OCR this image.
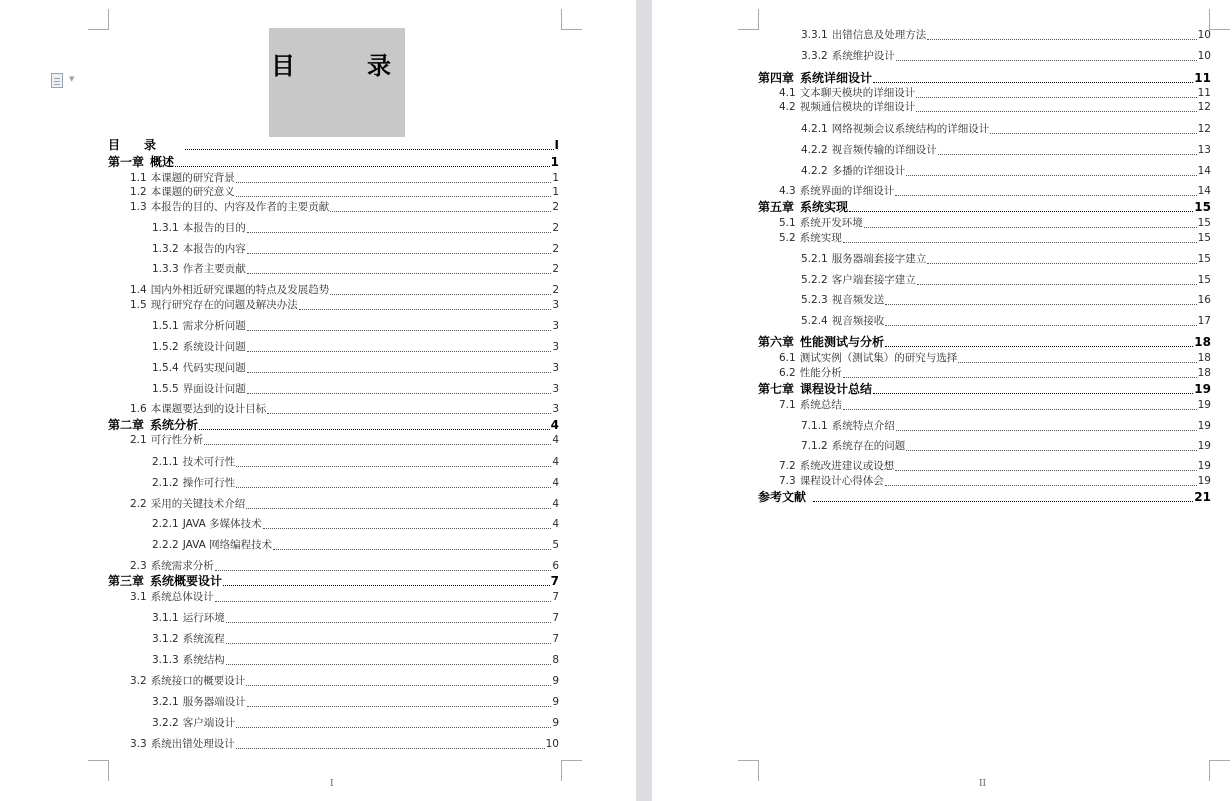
▼	目　　　录
目　　录	I
第一章 概述	1
1.1 本课题的研究背景	1
1.2 本课题的研究意义	1
1.3 本报告的目的、内容及作者的主要贡献	2
1.3.1 本报告的目的	2
1.3.2 本报告的内容	2
1.3.3 作者主要贡献	2
1.4 国内外相近研究课题的特点及发展趋势	2
1.5 现行研究存在的问题及解决办法	3
1.5.1 需求分析问题	3
1.5.2 系统设计问题	3
1.5.4 代码实现问题	3
1.5.5 界面设计问题	3
1.6 本课题要达到的设计目标	3
第二章 系统分析	4
2.1 可行性分析	4
2.1.1 技术可行性	4
2.1.2 操作可行性	4
2.2 采用的关键技术介绍	4
2.2.1 JAVA 多媒体技术	4
2.2.2 JAVA 网络编程技术	5
2.3 系统需求分析	6
第三章 系统概要设计	7
3.1 系统总体设计	7
3.1.1 运行环境	7
3.1.2 系统流程	7
3.1.3 系统结构	8
3.2 系统接口的概要设计	9
3.2.1 服务器端设计	9
3.2.2 客户端设计	9
3.3 系统出错处理设计	10
I
3.3.1 出错信息及处理方法	10
3.3.2 系统维护设计	10
第四章 系统详细设计	11
4.1 文本聊天模块的详细设计	11
4.2 视频通信模块的详细设计	12
4.2.1 网络视频会议系统结构的详细设计	12
4.2.2 视音频传输的详细设计	13
4.2.2 多播的详细设计	14
4.3 系统界面的详细设计	14
第五章 系统实现	15
5.1 系统开发环境	15
5.2 系统实现	15
5.2.1 服务器端套接字建立	15
5.2.2 客户端套接字建立	15
5.2.3 视音频发送	16
5.2.4 视音频接收	17
第六章 性能测试与分析	18
6.1 测试实例（测试集）的研究与选择	18
6.2 性能分析	18
第七章 课程设计总结	19
7.1 系统总结	19
7.1.1 系统特点介绍	19
7.1.2 系统存在的问题	19
7.2 系统改进建议或设想	19
7.3 课程设计心得体会	19
参考文献	21
II
